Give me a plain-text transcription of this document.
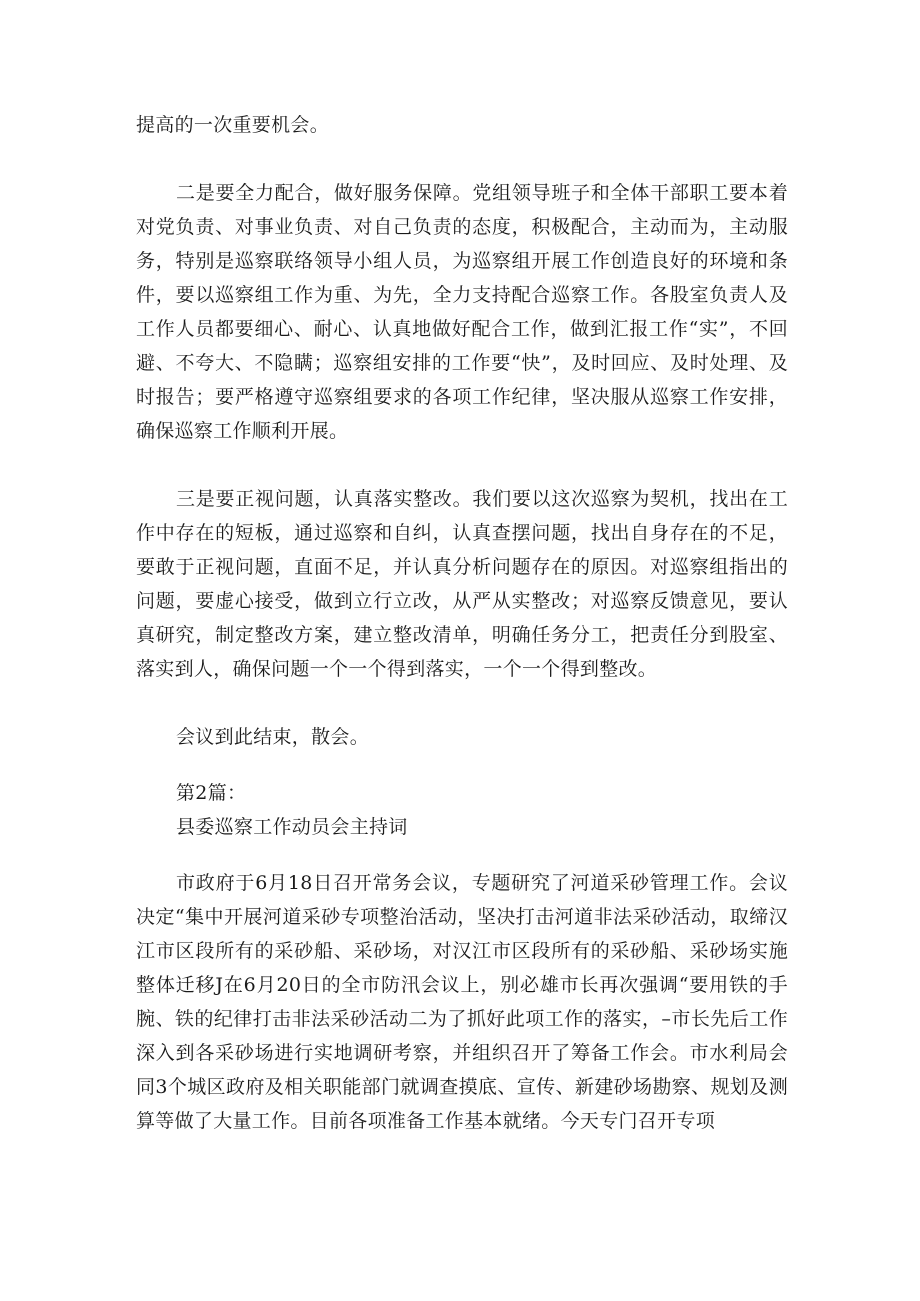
提高的一次重要机会。

二是要全力配合，做好服务保障。党组领导班子和全体干部职工要本着对党负责、对事业负责、对自己负责的态度，积极配合，主动而为，主动服务，特别是巡察联络领导小组人员，为巡察组开展工作创造良好的环境和条件，要以巡察组工作为重、为先，全力支持配合巡察工作。各股室负责人及工作人员都要细心、耐心、认真地做好配合工作，做到汇报工作“实”，不回避、不夸大、不隐瞒；巡察组安排的工作要“快”，及时回应、及时处理、及时报告；要严格遵守巡察组要求的各项工作纪律，坚决服从巡察工作安排，确保巡察工作顺利开展。

三是要正视问题，认真落实整改。我们要以这次巡察为契机，找出在工作中存在的短板，通过巡察和自纠，认真查摆问题，找出自身存在的不足，要敢于正视问题，直面不足，并认真分析问题存在的原因。对巡察组指出的问题，要虚心接受，做到立行立改，从严从实整改；对巡察反馈意见，要认真研究，制定整改方案，建立整改清单，明确任务分工，把责任分到股室、落实到人，确保问题一个一个得到落实，一个一个得到整改。

会议到此结束，散会。

第2篇：

县委巡察工作动员会主持词

市政府于6月18日召开常务会议，专题研究了河道采砂管理工作。会议决定“集中开展河道采砂专项整治活动，坚决打击河道非法采砂活动，取缔汉江市区段所有的采砂船、采砂场，对汉江市区段所有的采砂船、采砂场实施整体迁移J在6月20日的全市防汛会议上，别必雄市长再次强调“要用铁的手腕、铁的纪律打击非法采砂活动二为了抓好此项工作的落实，–市长先后工作深入到各采砂场进行实地调研考察，并组织召开了筹备工作会。市水利局会同3个城区政府及相关职能部门就调查摸底、宣传、新建砂场勘察、规划及测算等做了大量工作。目前各项准备工作基本就绪。今天专门召开专项
